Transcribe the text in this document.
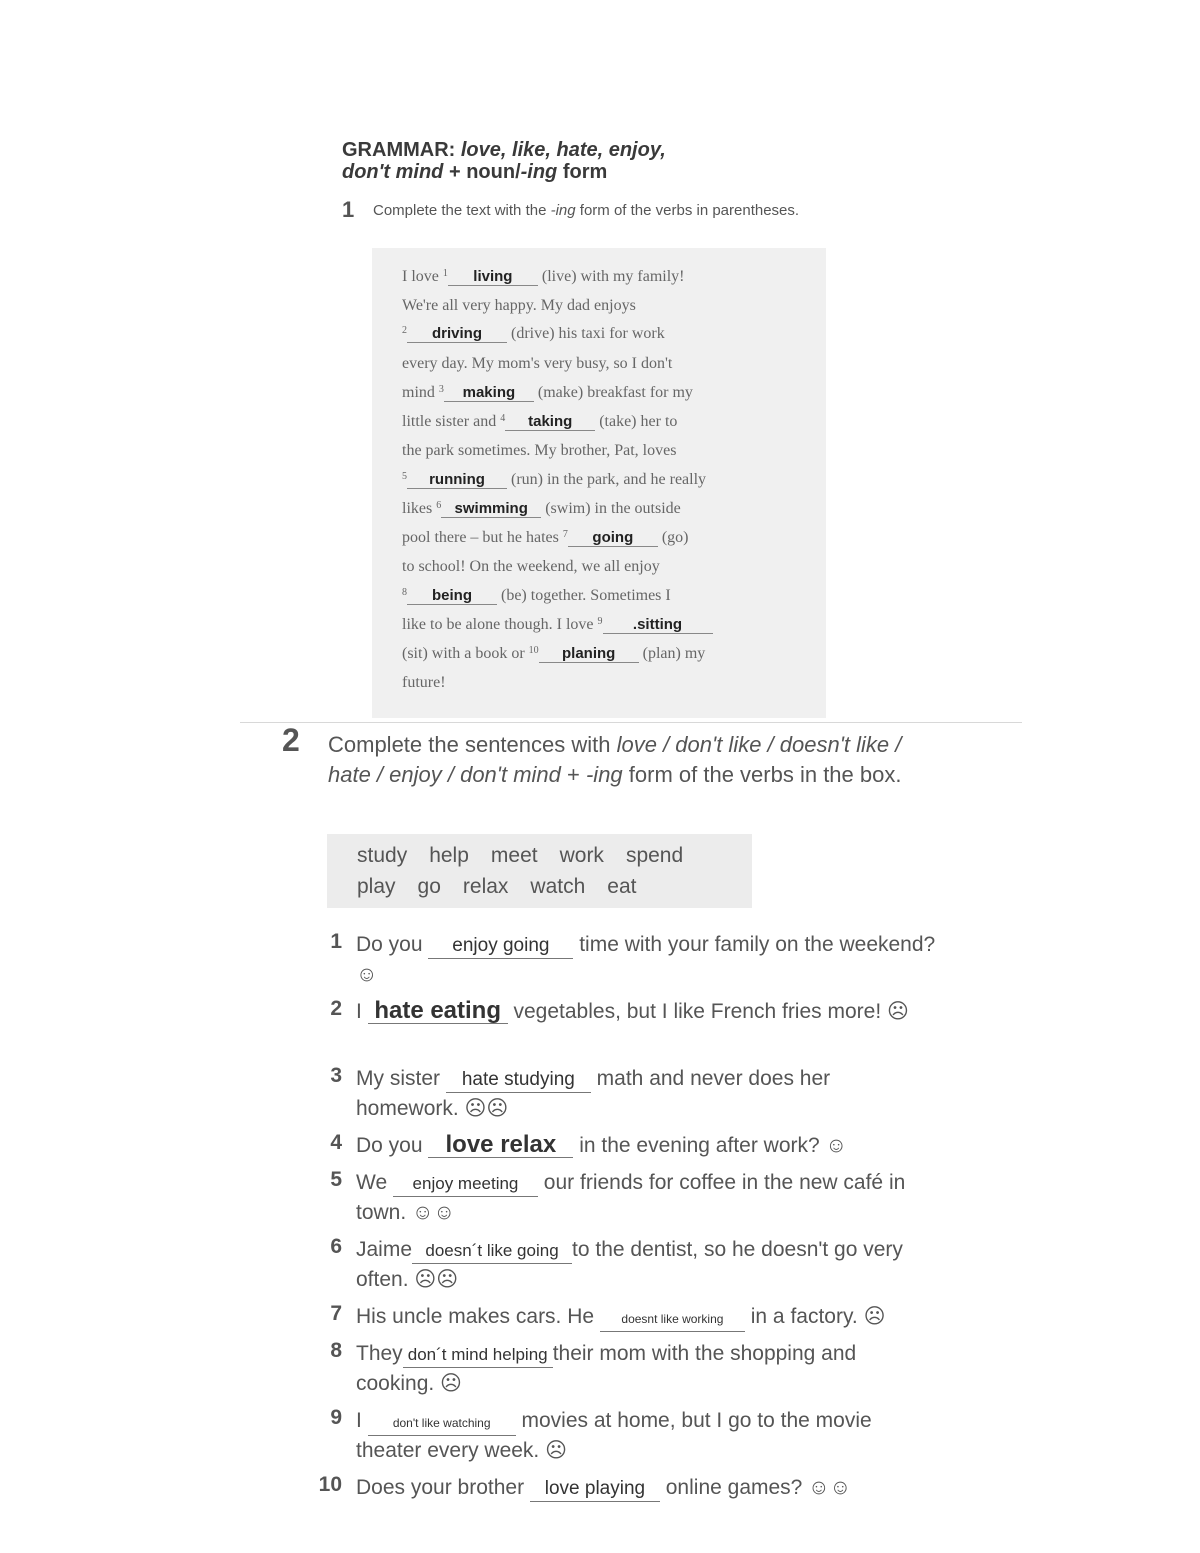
GRAMMAR: love, like, hate, enjoy,
don't mind + noun/-ing form
1 Complete the text with the -ing form of the verbs in parentheses.
I love $^1$ living (live) with my family!
We're all very happy. My dad enjoys
$^2$ driving (drive) his taxi for work
every day. My mom's very busy, so I don't
mind $^3$ making (make) breakfast for my
little sister and $^4$ taking (take) her to
the park sometimes. My brother, Pat, loves
$^5$ running (run) in the park, and he really
likes $^6$ swimming (swim) in the outside
pool there – but he hates $^7$ going (go)
to school! On the weekend, we all enjoy
$^8$ being (be) together. Sometimes I
like to be alone though. I love $^9$ .sitting
(sit) with a book or $^{10}$ planing (plan) my
future!
2 Complete the sentences with love / don't like / doesn't like / hate / enjoy / don't mind + -ing form of the verbs in the box.
study help meet work spend
play go relax watch eat
1 Do you enjoy going time with your family on the weekend? ☺
2 I hate eating vegetables, but I like French fries more! ☹
3 My sister hate studying math and never does her homework. ☹☹
4 Do you love relax in the evening after work? ☺
5 We enjoy meeting our friends for coffee in the new café in town. ☺☺
6 Jaime doesn´t like going to the dentist, so he doesn't go very often. ☹☹
7 His uncle makes cars. He doesnt like working in a factory. ☹
8 They don´t mind helping their mom with the shopping and cooking. ☹
9 I don't like watching movies at home, but I go to the movie theater every week. ☹
10 Does your brother love playing online games? ☺☺
